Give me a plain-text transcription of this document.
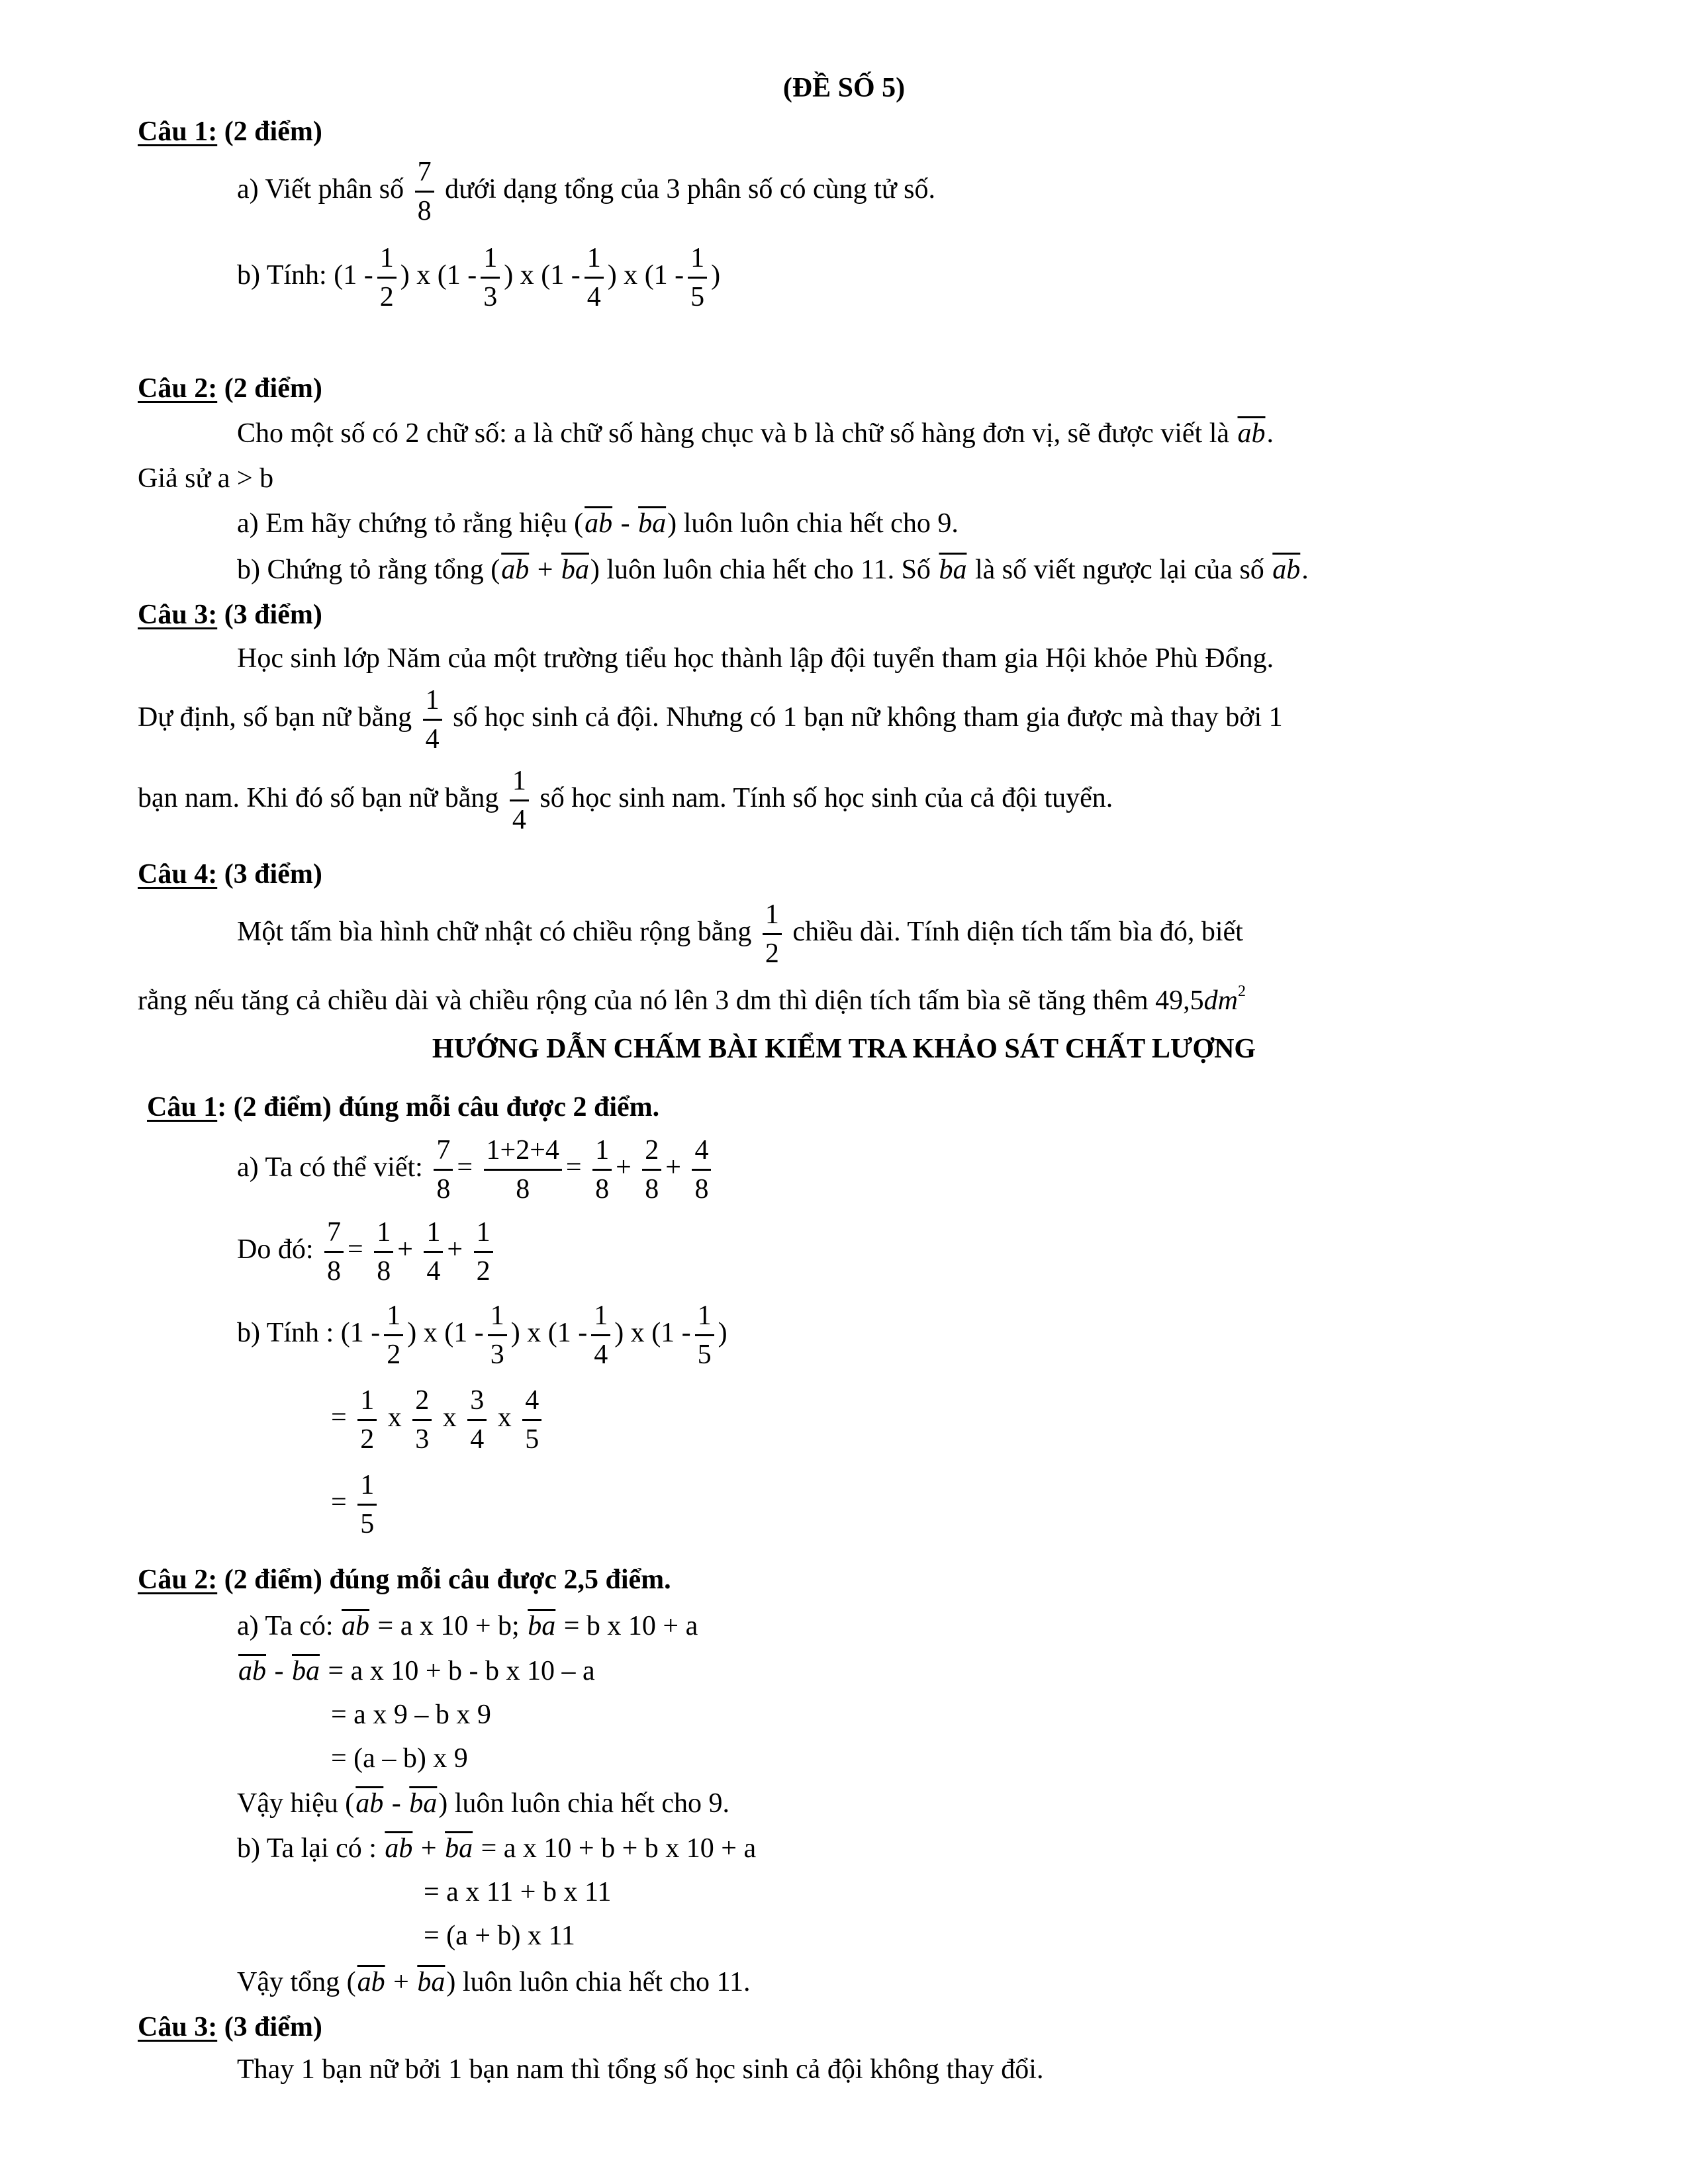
(ĐỀ SỐ 5)
Câu 1: (2 điểm)
a) Viết phân số $\frac{7}{8}$ dưới dạng tổng của 3 phân số có cùng tử số.
b) Tính: ($1 - \frac{1}{2}$ ) x ($1 - \frac{1}{3}$ ) x ($1 - \frac{1}{4}$ ) x ($1 - \frac{1}{5}$ )
Câu 2: (2 điểm)
Cho một số có 2 chữ số: a là chữ số hàng chục và b là chữ số hàng đơn vị, sẽ được viết là $\overline{ab}$.
Giả sử a > b
a) Em hãy chứng tỏ rằng hiệu $(\overline{ab} - \overline{ba})$ luôn luôn chia hết cho 9.
b) Chứng tỏ rằng tổng $(\overline{ab} + \overline{ba})$ luôn luôn chia hết cho 11. Số $\overline{ba}$ là số viết ngược lại của số $\overline{ab}$.
Câu 3: (3 điểm)
Học sinh lớp Năm của một trường tiểu học thành lập đội tuyển tham gia Hội khỏe Phù Đổng.
Dự định, số bạn nữ bằng $\frac{1}{4}$ số học sinh cả đội. Nhưng có 1 bạn nữ không tham gia được mà thay bởi 1
bạn nam. Khi đó số bạn nữ bằng $\frac{1}{4}$ số học sinh nam. Tính số học sinh của cả đội tuyển.
Câu 4: (3 điểm)
Một tấm bìa hình chữ nhật có chiều rộng bằng $\frac{1}{2}$ chiều dài. Tính diện tích tấm bìa đó, biết
rằng nếu tăng cả chiều dài và chiều rộng của nó lên 3 dm thì diện tích tấm bìa sẽ tăng thêm $49,5dm^2$
HƯỚNG DẪN CHẤM BÀI KIỂM TRA KHẢO SÁT CHẤT LƯỢNG
Câu 1: (2 điểm) đúng mỗi câu được 2 điểm.
a) Ta có thể viết: $\frac{7}{8} = \frac{1+2+4}{8} = \frac{1}{8} + \frac{2}{8} + \frac{4}{8}$
Do đó: $\frac{7}{8} = \frac{1}{8} + \frac{1}{4} + \frac{1}{2}$
b) Tính : ($1 - \frac{1}{2}$ ) x ($1 - \frac{1}{3}$ ) x ($1 - \frac{1}{4}$ ) x ($1 - \frac{1}{5}$ )
= $\frac{1}{2}$ x $\frac{2}{3}$ x $\frac{3}{4}$ x $\frac{4}{5}$
= $\frac{1}{5}$
Câu 2: (2 điểm) đúng mỗi câu được 2,5 điểm.
a) Ta có: $\overline{ab} = a$ x 10 + b; $\overline{ba} = b$ x 10 + a
$\overline{ab} - \overline{ba} = a$ x 10 + b - b x 10 – a
= a x 9 – b x 9
= (a – b) x 9
Vậy hiệu $(\overline{ab} - \overline{ba})$ luôn luôn chia hết cho 9.
b) Ta lại có : $\overline{ab} + \overline{ba} = a$ x 10 + b + b x 10 + a
= a x 11 + b x 11
= (a + b) x 11
Vậy tổng $(\overline{ab} + \overline{ba})$ luôn luôn chia hết cho 11.
Câu 3: (3 điểm)
Thay 1 bạn nữ bởi 1 bạn nam thì tổng số học sinh cả đội không thay đổi.
